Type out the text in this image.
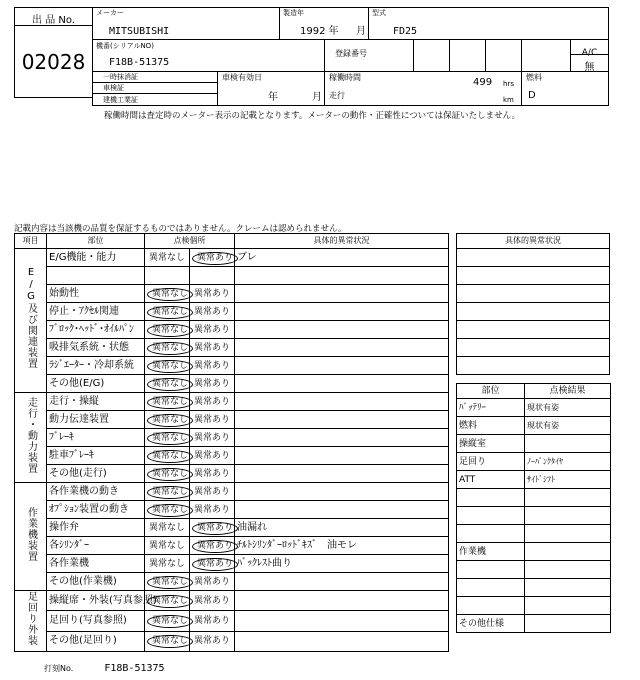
出 品 No.
02028
メーカー
MITSUBISHI
製造年
1992 年 月
型式
FD25
機番(シリアルNO)
F18B-51375
登録番号	A/C
無
一時抹消証
車検証
建機工業証
車検有効日
年	月
稼働時間	499 hrs
走行	km
燃料
D
稼働時間は査定時のメーター表示の記載となります。メーターの動作・正確性については保証いたしません。
記載内容は当該機の品質を保証するものではありません。クレームは認められません。
項目	部位	点検個所		具体的異常状況
E/G及び関連装置	E/G機能・能力	異常なし	異常あり	ブレ

	始動性	異常なし	異常あり	
	停止・ｱｸｾﾙ関連	異常なし	異常あり	
	ﾌﾞﾛｯｸ･ﾍｯﾄﾞ･ｵｲﾙﾊﾟﾝ	異常なし	異常あり	
	吸排気系統・状態	異常なし	異常あり	
	ﾗｼﾞｴｰﾀｰ・冷却系統	異常なし	異常あり	
	その他(E/G)	異常なし	異常あり	
走行・動力装置	走行・操縦	異常なし	異常あり	
	動力伝達装置	異常なし	異常あり	
	ﾌﾞﾚｰｷ	異常なし	異常あり	
	駐車ﾌﾞﾚｰｷ	異常なし	異常あり	
	その他(走行)	異常なし	異常あり	
作業機装置	各作業機の動き	異常なし	異常あり	
	ｵﾌﾟｼｮﾝ装置の動き	異常なし	異常あり	
	操作弁	異常なし	異常あり	油漏れ
	各ｼﾘﾝﾀﾞｰ	異常なし	異常あり	ﾁﾙﾄｼﾘﾝﾀﾞｰﾛｯﾄﾞｷｽﾞ　油モレ
	各作業機	異常なし	異常あり	ﾊﾞｯｸﾚｽﾄ曲り
	その他(作業機)	異常なし	異常あり	
足回り外装	操縦席・外装(写真参照)	異常なし	異常あり	
	足回り(写真参照)	異常なし	異常あり	
	その他(足回り)	異常なし	異常あり	
具体的異常状況

部位	点検結果
ﾊﾞｯﾃﾘｰ	現状有姿
燃料	現状有姿
操縦室	
足回り	ﾉｰﾊﾟﾝｸﾀｲﾔ
ATT	ｻｲﾄﾞｼﾌﾄ

作業機	

その他仕様	
打刻No.	F18B-51375
